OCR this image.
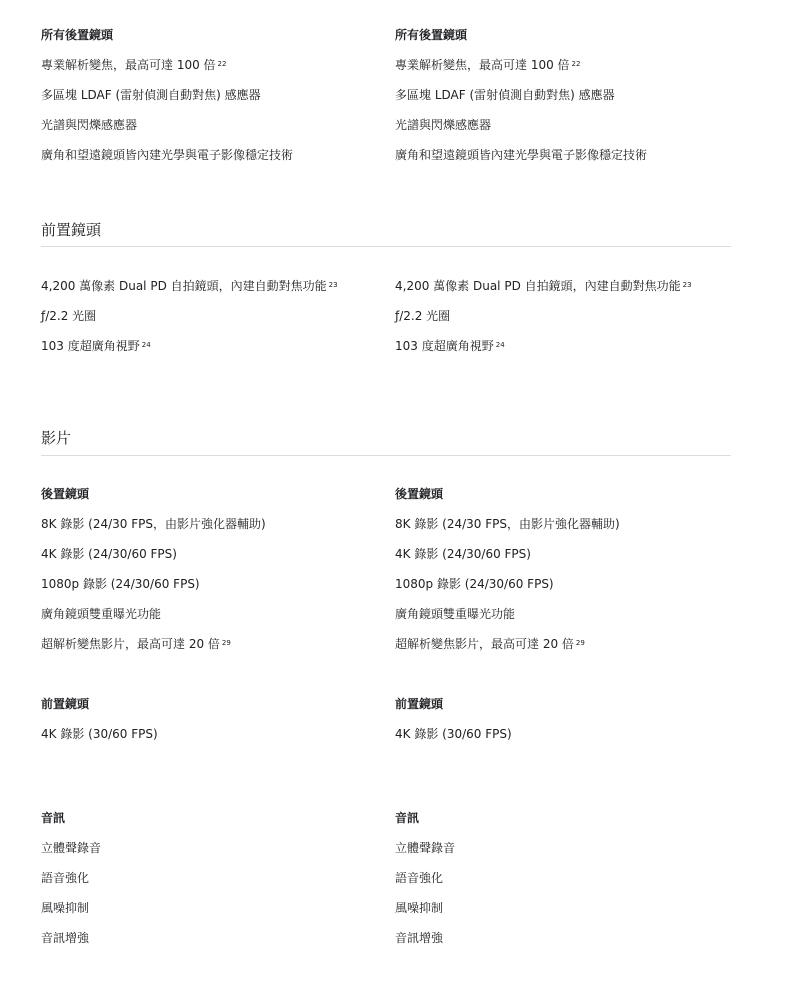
所有後置鏡頭	所有後置鏡頭
專業解析變焦，最高可達 100 倍 $^{22}$	專業解析變焦，最高可達 100 倍 $^{22}$
多區塊 LDAF (雷射偵測自動對焦) 感應器	多區塊 LDAF (雷射偵測自動對焦) 感應器
光譜與閃爍感應器	光譜與閃爍感應器
廣角和望遠鏡頭皆內建光學與電子影像穩定技術	廣角和望遠鏡頭皆內建光學與電子影像穩定技術
前置鏡頭
4,200 萬像素 Dual PD 自拍鏡頭，內建自動對焦功能 $^{23}$	4,200 萬像素 Dual PD 自拍鏡頭，內建自動對焦功能 $^{23}$
ƒ/2.2 光圈	ƒ/2.2 光圈
103 度超廣角視野 $^{24}$	103 度超廣角視野 $^{24}$
影片
後置鏡頭	後置鏡頭
8K 錄影 (24/30 FPS，由影片強化器輔助)	8K 錄影 (24/30 FPS，由影片強化器輔助)
4K 錄影 (24/30/60 FPS)	4K 錄影 (24/30/60 FPS)
1080p 錄影 (24/30/60 FPS)	1080p 錄影 (24/30/60 FPS)
廣角鏡頭雙重曝光功能	廣角鏡頭雙重曝光功能
超解析變焦影片，最高可達 20 倍 $^{29}$	超解析變焦影片，最高可達 20 倍 $^{29}$
前置鏡頭	前置鏡頭
4K 錄影 (30/60 FPS)	4K 錄影 (30/60 FPS)
音訊	音訊
立體聲錄音	立體聲錄音
語音強化	語音強化
風噪抑制	風噪抑制
音訊增強	音訊增強
